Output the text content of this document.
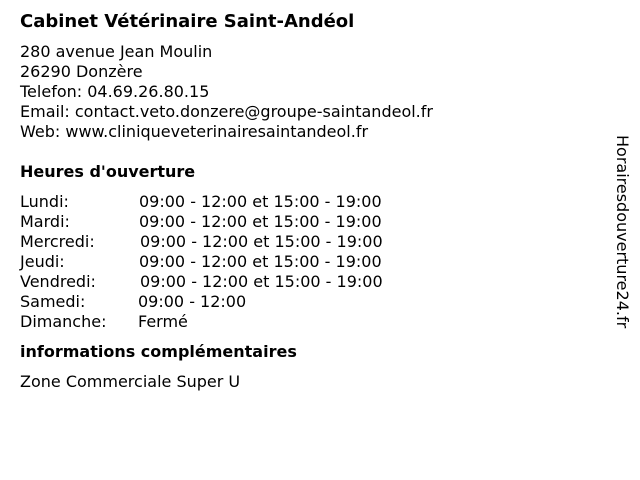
Cabinet Vétérinaire Saint-Andéol
280 avenue Jean Moulin
26290 Donzère
Telefon: 04.69.26.80.15
Email: contact.veto.donzere@groupe-saintandeol.fr
Web: www.cliniqueveterinairesaintandeol.fr
Heures d'ouverture
Lundi:	09:00 - 12:00 et 15:00 - 19:00
Mardi:	09:00 - 12:00 et 15:00 - 19:00
Mercredi:	09:00 - 12:00 et 15:00 - 19:00
Jeudi:	09:00 - 12:00 et 15:00 - 19:00
Vendredi:	09:00 - 12:00 et 15:00 - 19:00
Samedi:	09:00 - 12:00
Dimanche: Fermé
informations complémentaires
Zone Commerciale Super U
Horairesdouverture24.fr
